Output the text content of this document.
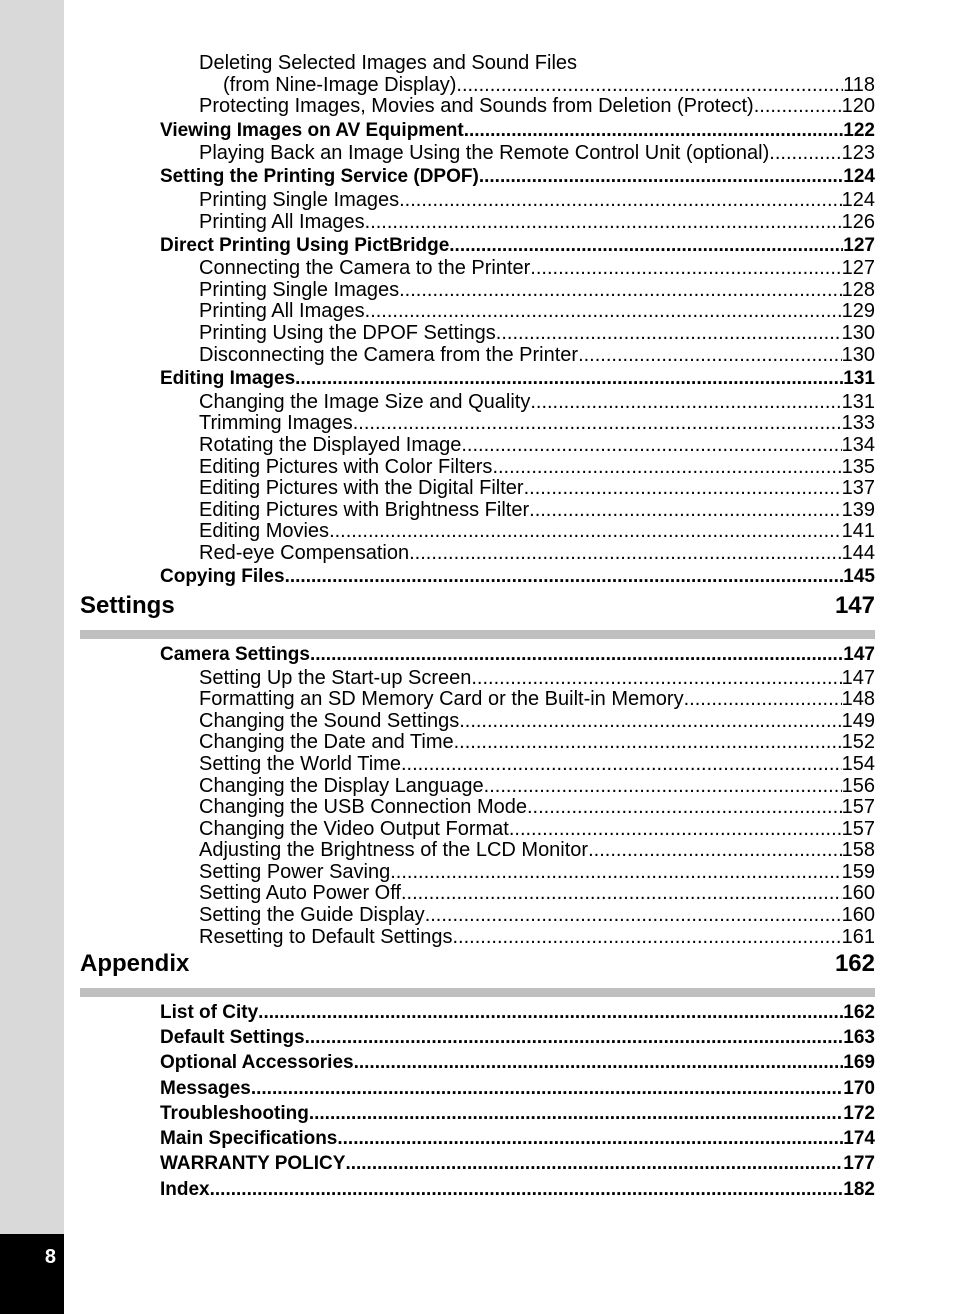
8
Deleting Selected Images and Sound Files
(from Nine-Image Display) .....	118
Protecting Images, Movies and Sounds from Deletion (Protect) .....	120
Viewing Images on AV Equipment .....	122
Playing Back an Image Using the Remote Control Unit (optional) .....	123
Setting the Printing Service (DPOF) .....	124
Printing Single Images .....	124
Printing All Images .....	126
Direct Printing Using PictBridge .....	127
Connecting the Camera to the Printer .....	127
Printing Single Images .....	128
Printing All Images .....	129
Printing Using the DPOF Settings .....	130
Disconnecting the Camera from the Printer .....	130
Editing Images .....	131
Changing the Image Size and Quality .....	131
Trimming Images .....	133
Rotating the Displayed Image .....	134
Editing Pictures with Color Filters .....	135
Editing Pictures with the Digital Filter .....	137
Editing Pictures with Brightness Filter .....	139
Editing Movies .....	141
Red-eye Compensation .....	144
Copying Files .....	145
Settings	147
Camera Settings .....	147
Setting Up the Start-up Screen .....	147
Formatting an SD Memory Card or the Built-in Memory .....	148
Changing the Sound Settings .....	149
Changing the Date and Time .....	152
Setting the World Time .....	154
Changing the Display Language .....	156
Changing the USB Connection Mode .....	157
Changing the Video Output Format .....	157
Adjusting the Brightness of the LCD Monitor .....	158
Setting Power Saving .....	159
Setting Auto Power Off .....	160
Setting the Guide Display .....	160
Resetting to Default Settings .....	161
Appendix	162
List of City .....	162
Default Settings .....	163
Optional Accessories .....	169
Messages .....	170
Troubleshooting .....	172
Main Specifications .....	174
WARRANTY POLICY .....	177
Index .....	182
